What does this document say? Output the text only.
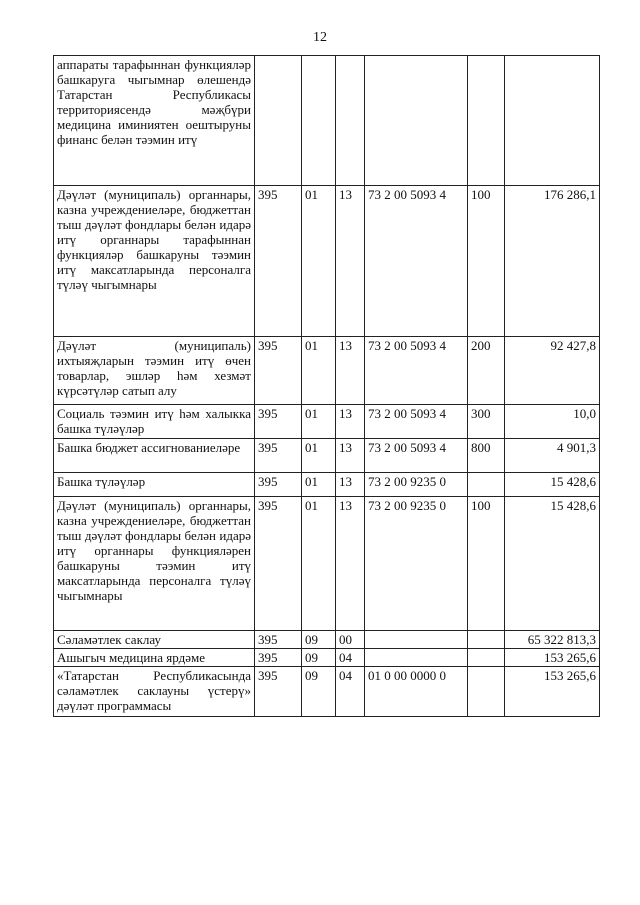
12
аппараты тарафыннан функцияләр башкаруга чыгымнар өлешендә Татарстан Республикасы территориясендә мәҗбүри медицина иминиятен оештыруны финанс белән тәэмин итү						
Дәүләт (муниципаль) органнары, казна учреждениеләре, бюджеттан тыш дәүләт фондлары белән идарә итү органнары тарафыннан функцияләр башкаруны тәэмин итү максатларында персоналга түләү чыгымнары	395	01	13	73 2 00 5093 4	100	176 286,1
Дәүләт (муниципаль) ихтыяҗларын тәэмин итү өчен товарлар, эшләр һәм хезмәт күрсәтүләр сатып алу	395	01	13	73 2 00 5093 4	200	92 427,8
Социаль тәэмин итү һәм халыкка башка түләүләр	395	01	13	73 2 00 5093 4	300	10,0
Башка бюджет ассигнованиеләре	395	01	13	73 2 00 5093 4	800	4 901,3
Башка түләүләр	395	01	13	73 2 00 9235 0		15 428,6
Дәүләт (муниципаль) органнары, казна учреждениеләре, бюджеттан тыш дәүләт фондлары белән идарә итү органнары функцияләрен башкаруны тәэмин итү максатларында персоналга түләү чыгымнары	395	01	13	73 2 00 9235 0	100	15 428,6
Сәламәтлек саклау	395	09	00			65 322 813,3
Ашыгыч медицина ярдәме	395	09	04			153 265,6
«Татарстан Республикасында сәламәтлек саклауны үстерү» дәүләт программасы	395	09	04	01 0 00 0000 0		153 265,6
